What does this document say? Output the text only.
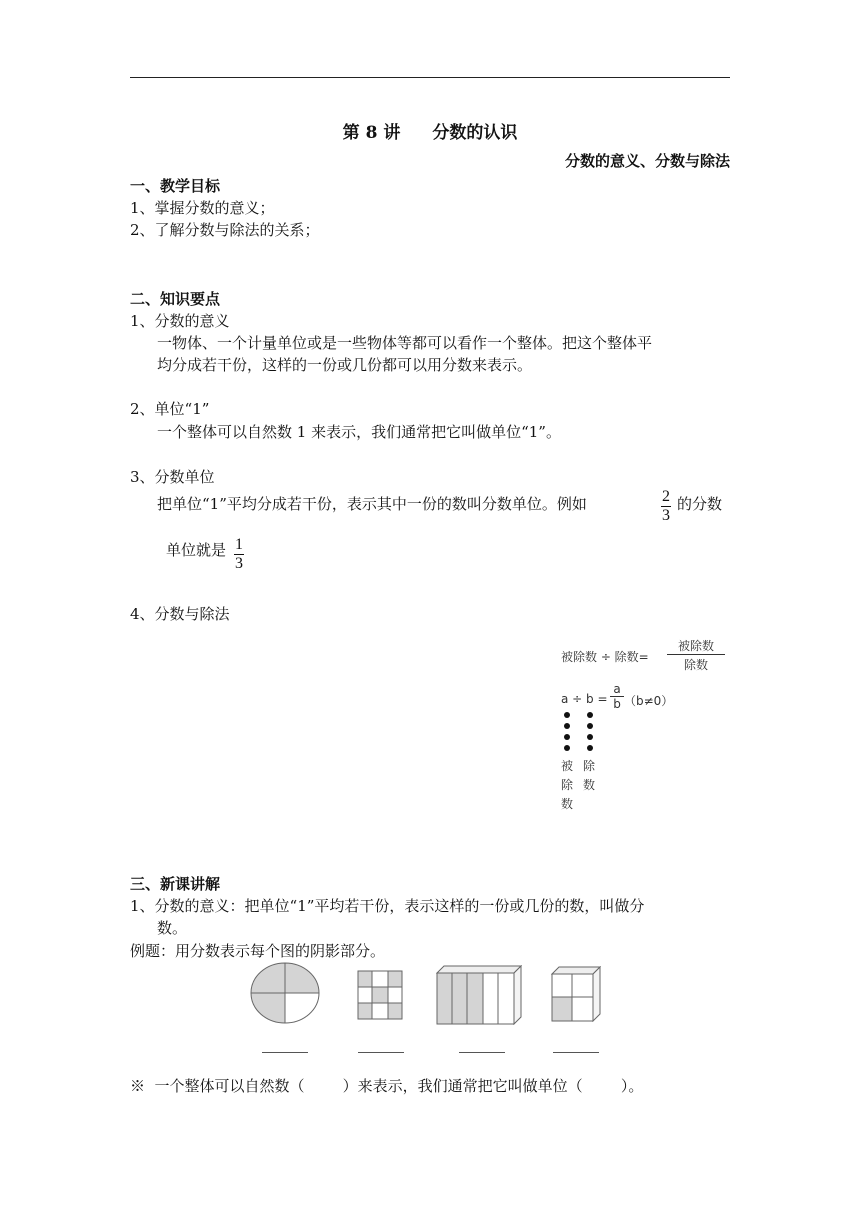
第 8 讲 分数的认识
分数的意义、分数与除法
一、教学目标
1、掌握分数的意义；
2、了解分数与除法的关系；
二、知识要点
1、分数的意义
一物体、一个计量单位或是一些物体等都可以看作一个整体。把这个整体平
均分成若干份，这样的一份或几份都可以用分数来表示。
2、单位“1”
一个整体可以自然数 1 来表示，我们通常把它叫做单位“1”。
3、分数单位
把单位“1”平均分成若干份，表示其中一份的数叫分数单位。例如	$\frac{2}{3}$ 的分数
单位就是 $\frac{1}{3}$
4、分数与除法
被除数 ÷ 除数=
被除数
除数
a ÷ b =
a
b （b≠0）
被
除
数
除
数
三、新课讲解
1、分数的意义：把单位“1”平均若干份，表示这样的一份或几份的数，叫做分
数。
例题：用分数表示每个图的阴影部分。
※  一个整体可以自然数（        ）来表示，我们通常把它叫做单位（        ）。
